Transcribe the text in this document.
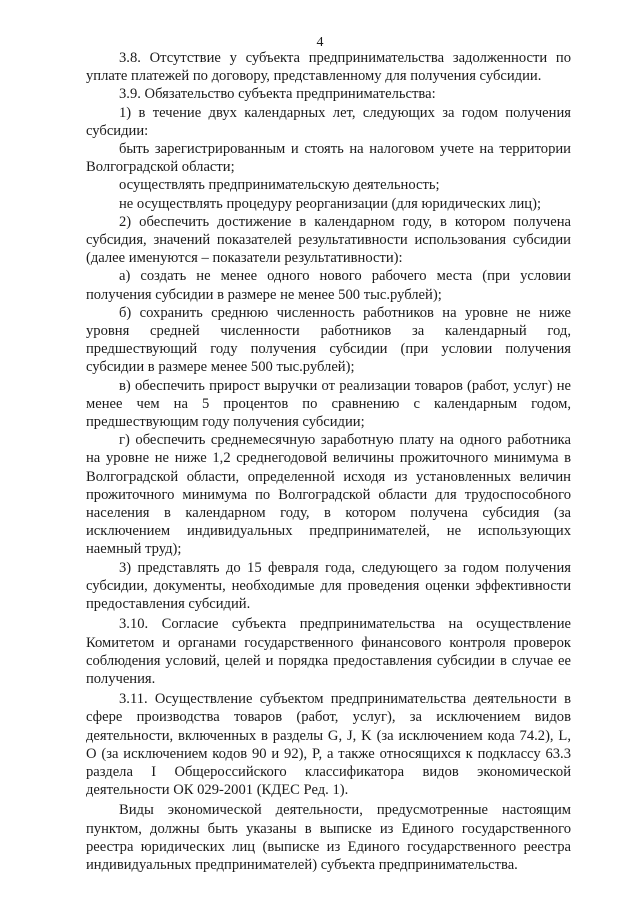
4

3.8. Отсутствие у субъекта предпринимательства задолженности по уплате платежей по договору, представленному для получения субсидии.

3.9. Обязательство субъекта предпринимательства:

1) в течение двух календарных лет, следующих за годом получения субсидии:

быть зарегистрированным и стоять на налоговом учете на территории Волгоградской области;

осуществлять предпринимательскую деятельность;

не осуществлять процедуру реорганизации (для юридических лиц);

2) обеспечить достижение в календарном году, в котором получена субсидия, значений показателей результативности использования субсидии (далее именуются – показатели результативности):

а) создать не менее одного нового рабочего места (при условии получения субсидии в размере не менее 500 тыс.рублей);

б) сохранить среднюю численность работников на уровне не ниже уровня средней численности работников за календарный год, предшествующий году получения субсидии (при условии получения субсидии в размере менее 500 тыс.рублей);

в) обеспечить прирост выручки от реализации товаров (работ, услуг) не менее чем на 5 процентов по сравнению с календарным годом, предшествующим году получения субсидии;

г) обеспечить среднемесячную заработную плату на одного работника на уровне не ниже 1,2 среднегодовой величины прожиточного минимума в Волгоградской области, определенной исходя из установленных величин прожиточного минимума по Волгоградской области для трудоспособного населения в календарном году, в котором получена субсидия (за исключением индивидуальных предпринимателей, не использующих наемный труд);

3) представлять до 15 февраля года, следующего за годом получения субсидии, документы, необходимые для проведения оценки эффективности предоставления субсидий.

3.10. Согласие субъекта предпринимательства на осуществление Комитетом и органами государственного финансового контроля проверок соблюдения условий, целей и порядка предоставления субсидии в случае ее получения.

3.11. Осуществление субъектом предпринимательства деятельности в сфере производства товаров (работ, услуг), за исключением видов деятельности, включенных в разделы G, J, K (за исключением кода 74.2), L, O (за исключением кодов 90 и 92), P, а также относящихся к подклассу 63.3 раздела I Общероссийского классификатора видов экономической деятельности ОК 029-2001 (КДЕС Ред. 1).

Виды экономической деятельности, предусмотренные настоящим пунктом, должны быть указаны в выписке из Единого государственного реестра юридических лиц (выписке из Единого государственного реестра индивидуальных предпринимателей) субъекта предпринимательства.
